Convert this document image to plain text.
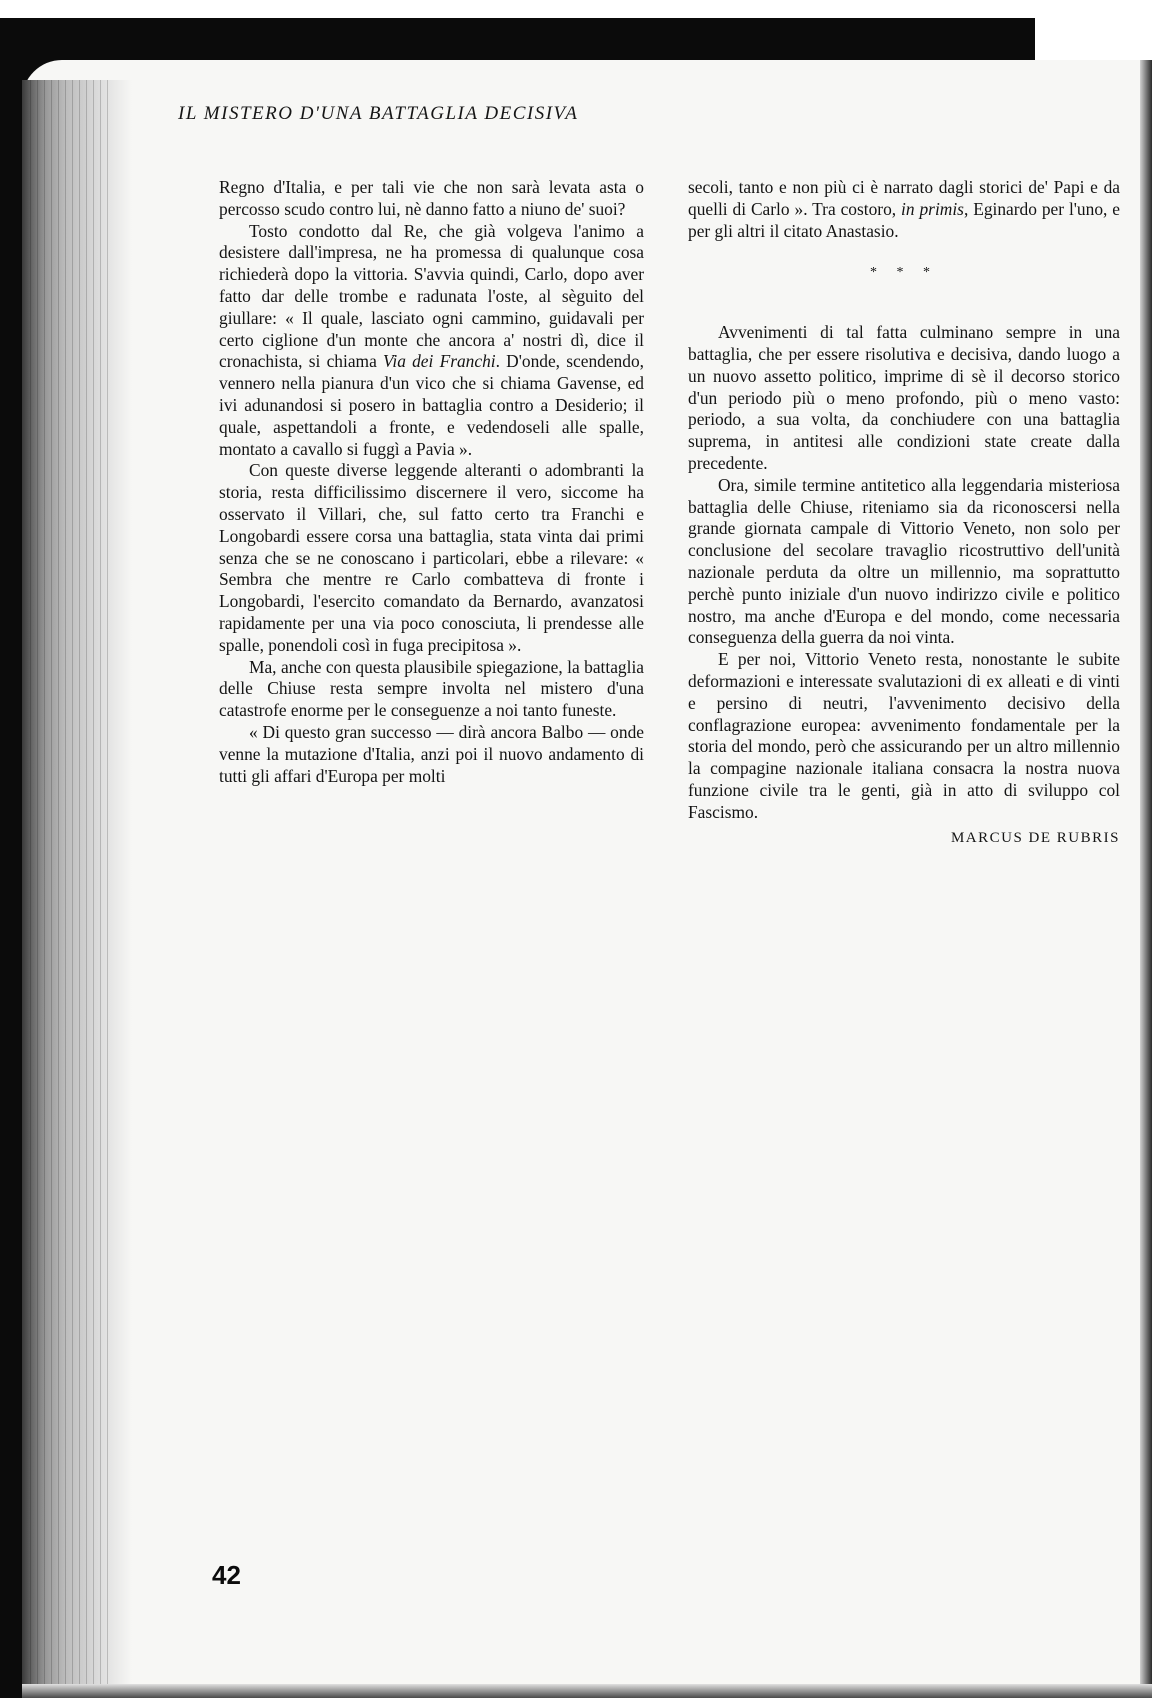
IL MISTERO D'UNA BATTAGLIA DECISIVA

Regno d'Italia, e per tali vie che non sarà levata asta o percosso scudo contro lui, nè danno fatto a niuno de' suoi?

Tosto condotto dal Re, che già volgeva l'animo a desistere dall'impresa, ne ha promessa di qualunque cosa richiederà dopo la vittoria. S'avvia quindi, Carlo, dopo aver fatto dar delle trombe e radunata l'oste, al sèguito del giullare: « Il quale, lasciato ogni cammino, guidavali per certo ciglione d'un monte che ancora a' nostri dì, dice il cronachista, si chiama Via dei Franchi. D'onde, scendendo, vennero nella pianura d'un vico che si chiama Gavense, ed ivi adunandosi si posero in battaglia contro a Desiderio; il quale, aspettandoli a fronte, e vedendoseli alle spalle, montato a cavallo si fuggì a Pavia ».

Con queste diverse leggende alteranti o adombranti la storia, resta difficilissimo discernere il vero, siccome ha osservato il Villari, che, sul fatto certo tra Franchi e Longobardi essere corsa una battaglia, stata vinta dai primi senza che se ne conoscano i particolari, ebbe a rilevare: « Sembra che mentre re Carlo combatteva di fronte i Longobardi, l'esercito comandato da Bernardo, avanzatosi rapidamente per una via poco conosciuta, li prendesse alle spalle, ponendoli così in fuga precipitosa ».

Ma, anche con questa plausibile spiegazione, la battaglia delle Chiuse resta sempre involta nel mistero d'una catastrofe enorme per le conseguenze a noi tanto funeste.

« Di questo gran successo — dirà ancora Balbo — onde venne la mutazione d'Italia, anzi poi il nuovo andamento di tutti gli affari d'Europa per molti

secoli, tanto e non più ci è narrato dagli storici de' Papi e da quelli di Carlo ». Tra costoro, in primis, Eginardo per l'uno, e per gli altri il citato Anastasio.

* * *

Avvenimenti di tal fatta culminano sempre in una battaglia, che per essere risolutiva e decisiva, dando luogo a un nuovo assetto politico, imprime di sè il decorso storico d'un periodo più o meno profondo, più o meno vasto: periodo, a sua volta, da conchiudere con una battaglia suprema, in antitesi alle condizioni state create dalla precedente.

Ora, simile termine antitetico alla leggendaria misteriosa battaglia delle Chiuse, riteniamo sia da riconoscersi nella grande giornata campale di Vittorio Veneto, non solo per conclusione del secolare travaglio ricostruttivo dell'unità nazionale perduta da oltre un millennio, ma soprattutto perchè punto iniziale d'un nuovo indirizzo civile e politico nostro, ma anche d'Europa e del mondo, come necessaria conseguenza della guerra da noi vinta.

E per noi, Vittorio Veneto resta, nonostante le subite deformazioni e interessate svalutazioni di ex alleati e di vinti e persino di neutri, l'avvenimento decisivo della conflagrazione europea: avvenimento fondamentale per la storia del mondo, però che assicurando per un altro millennio la compagine nazionale italiana consacra la nostra nuova funzione civile tra le genti, già in atto di sviluppo col Fascismo.

MARCUS DE RUBRIS
42
